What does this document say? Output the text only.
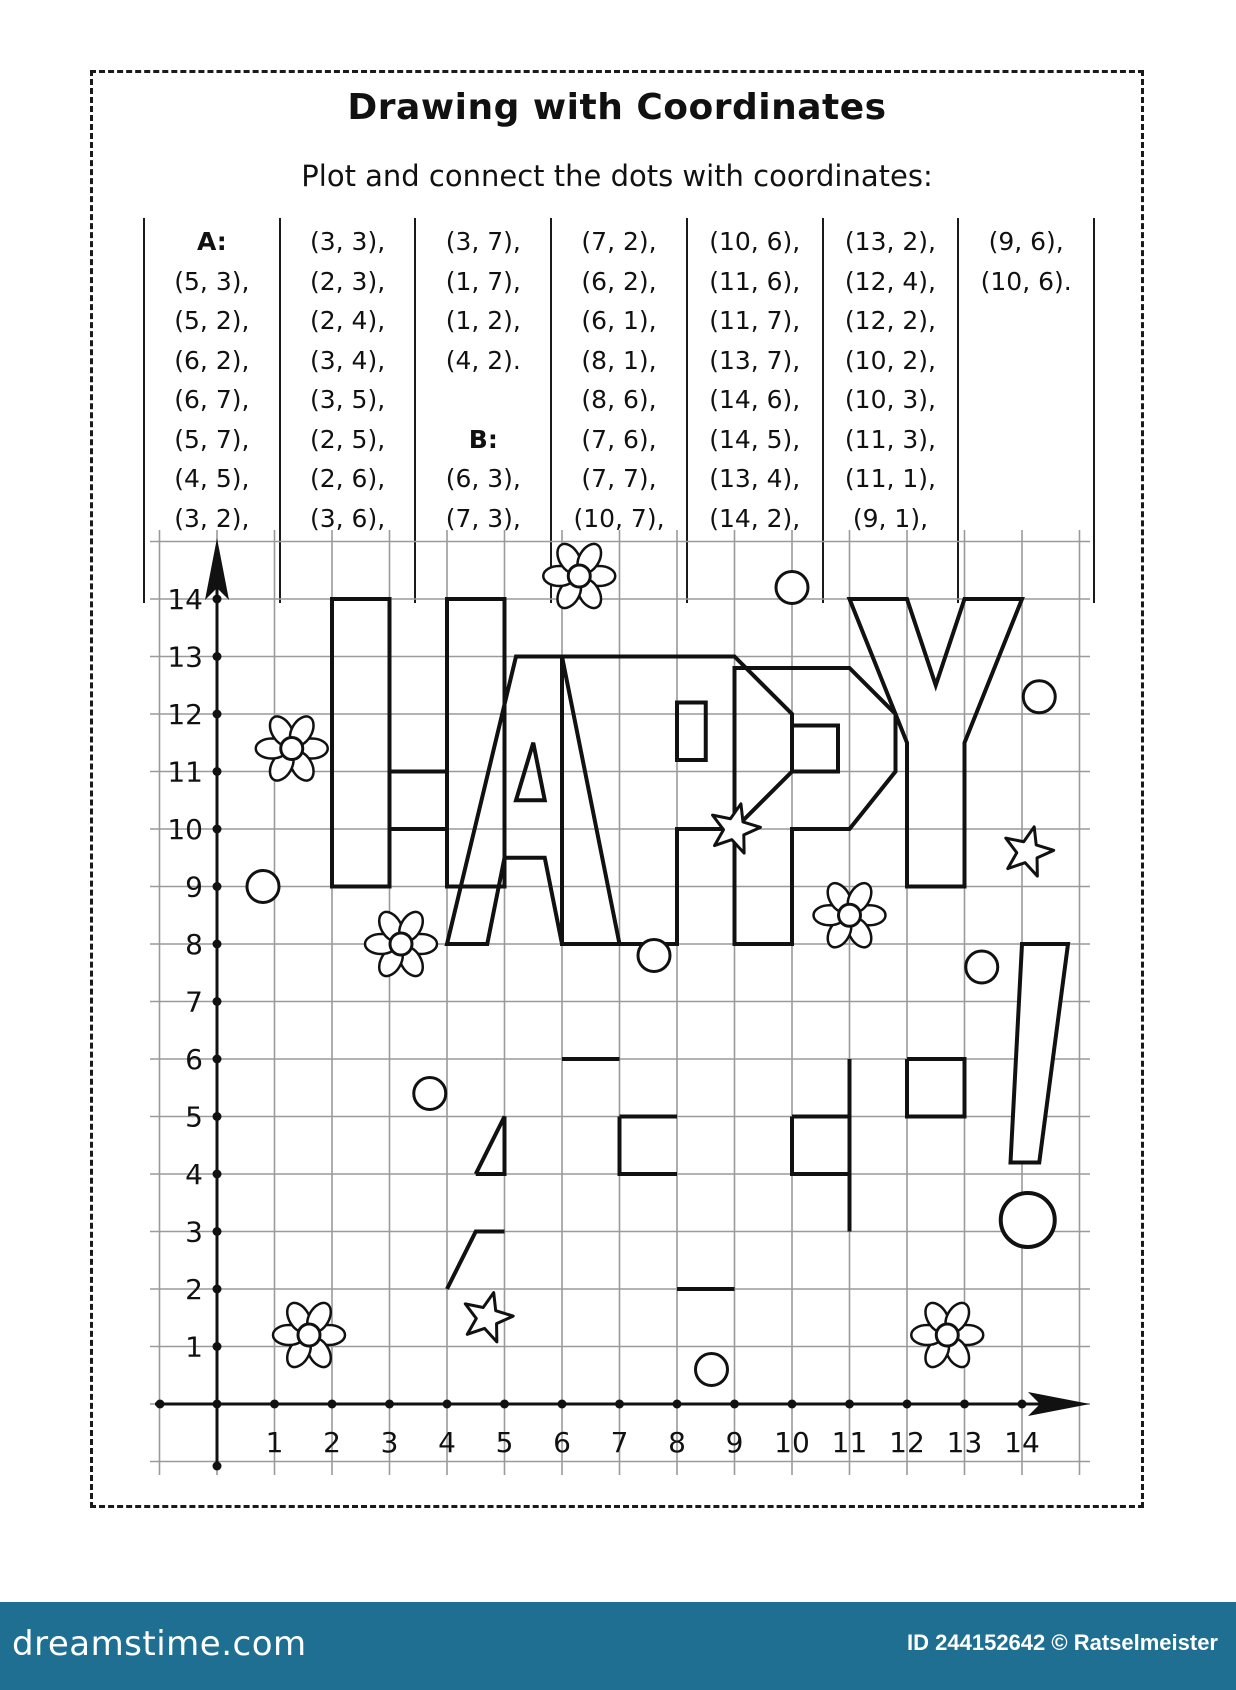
Drawing with Coordinates
Plot and connect the dots with coordinates:
A:
(5, 3),
(5, 2),
(6, 2),
(6, 7),
(5, 7),
(4, 5),
(3, 2),
(3, 3),
(2, 3),
(2, 4),
(3, 4),
(3, 5),
(2, 5),
(2, 6),
(3, 6),
(3, 7),
(1, 7),
(1, 2),
(4, 2).
B:
(6, 3),
(7, 3),
(7, 2),
(6, 2),
(6, 1),
(8, 1),
(8, 6),
(7, 6),
(7, 7),
(10, 7),
(10, 6),
(11, 6),
(11, 7),
(13, 7),
(14, 6),
(14, 5),
(13, 4),
(14, 2),
(13, 2),
(12, 4),
(12, 2),
(10, 2),
(10, 3),
(11, 3),
(11, 1),
(9, 1),
(9, 6),
(10, 6).
1 2 3 4 5 6 7 8 9 10 11 12 13 14
1
2
3
4
5
6
7
8
9
10
11
12
13
14
dreamstime.com	ID 244152642 © Ratselmeister
